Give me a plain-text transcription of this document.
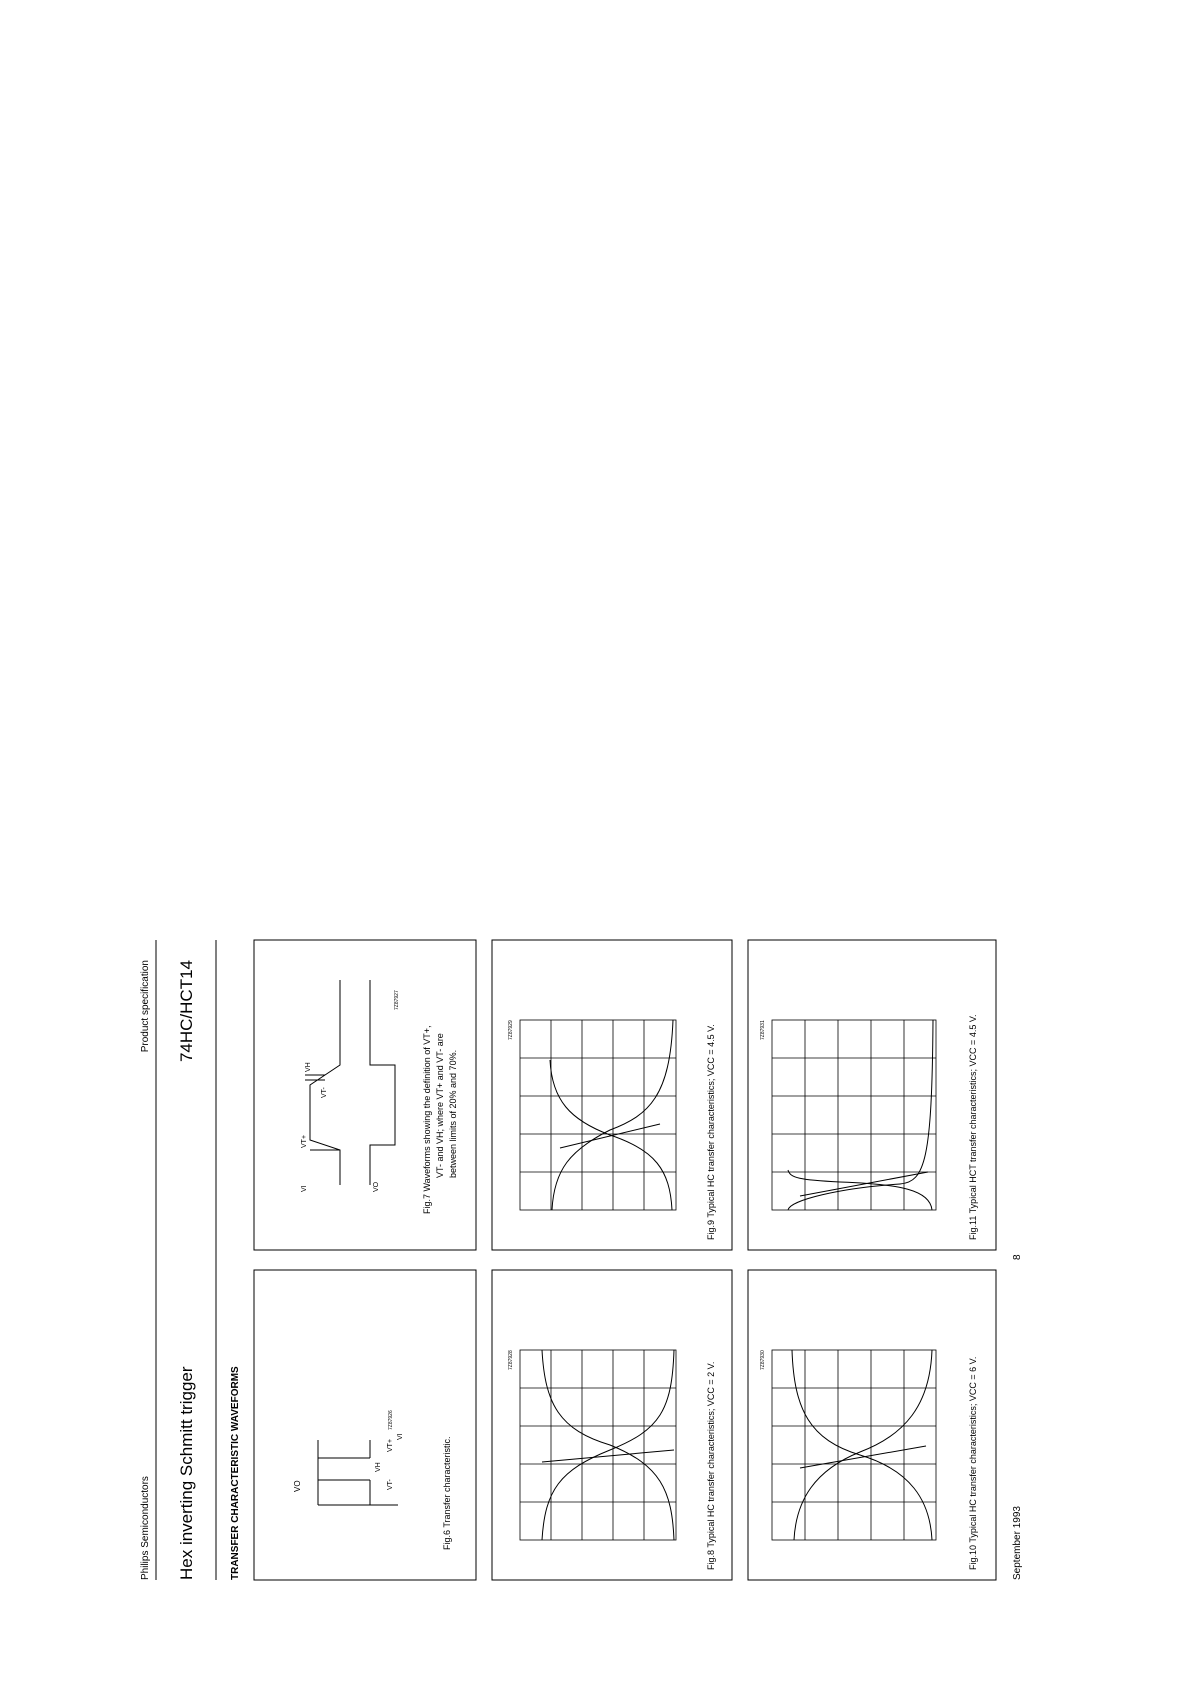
Philips Semiconductors
Product specification
Hex inverting Schmitt trigger
74HC/HCT14
TRANSFER CHARACTERISTIC WAVEFORMS	VO
VH
VT-
VT+
VI
7Z87926
Fig.6 Transfer characteristic.
VI	VO
VT+
VT-
VH
7Z87927
Fig.7 Waveforms showing the definition of VT+, VT- and VH; where VT+ and VT- are between limits of 20% and 70%.
7Z87928
Fig.8 Typical HC transfer characteristics; VCC = 2 V.
7Z87929	Fig.9 Typical HC transfer characteristics; VCC = 4.5 V.
7Z87930	Fig.10 Typical HC transfer characteristics; VCC = 6 V.
7Z87931	Fig.11 Typical HCT transfer characteristics; VCC = 4.5 V.
September 1993
8
